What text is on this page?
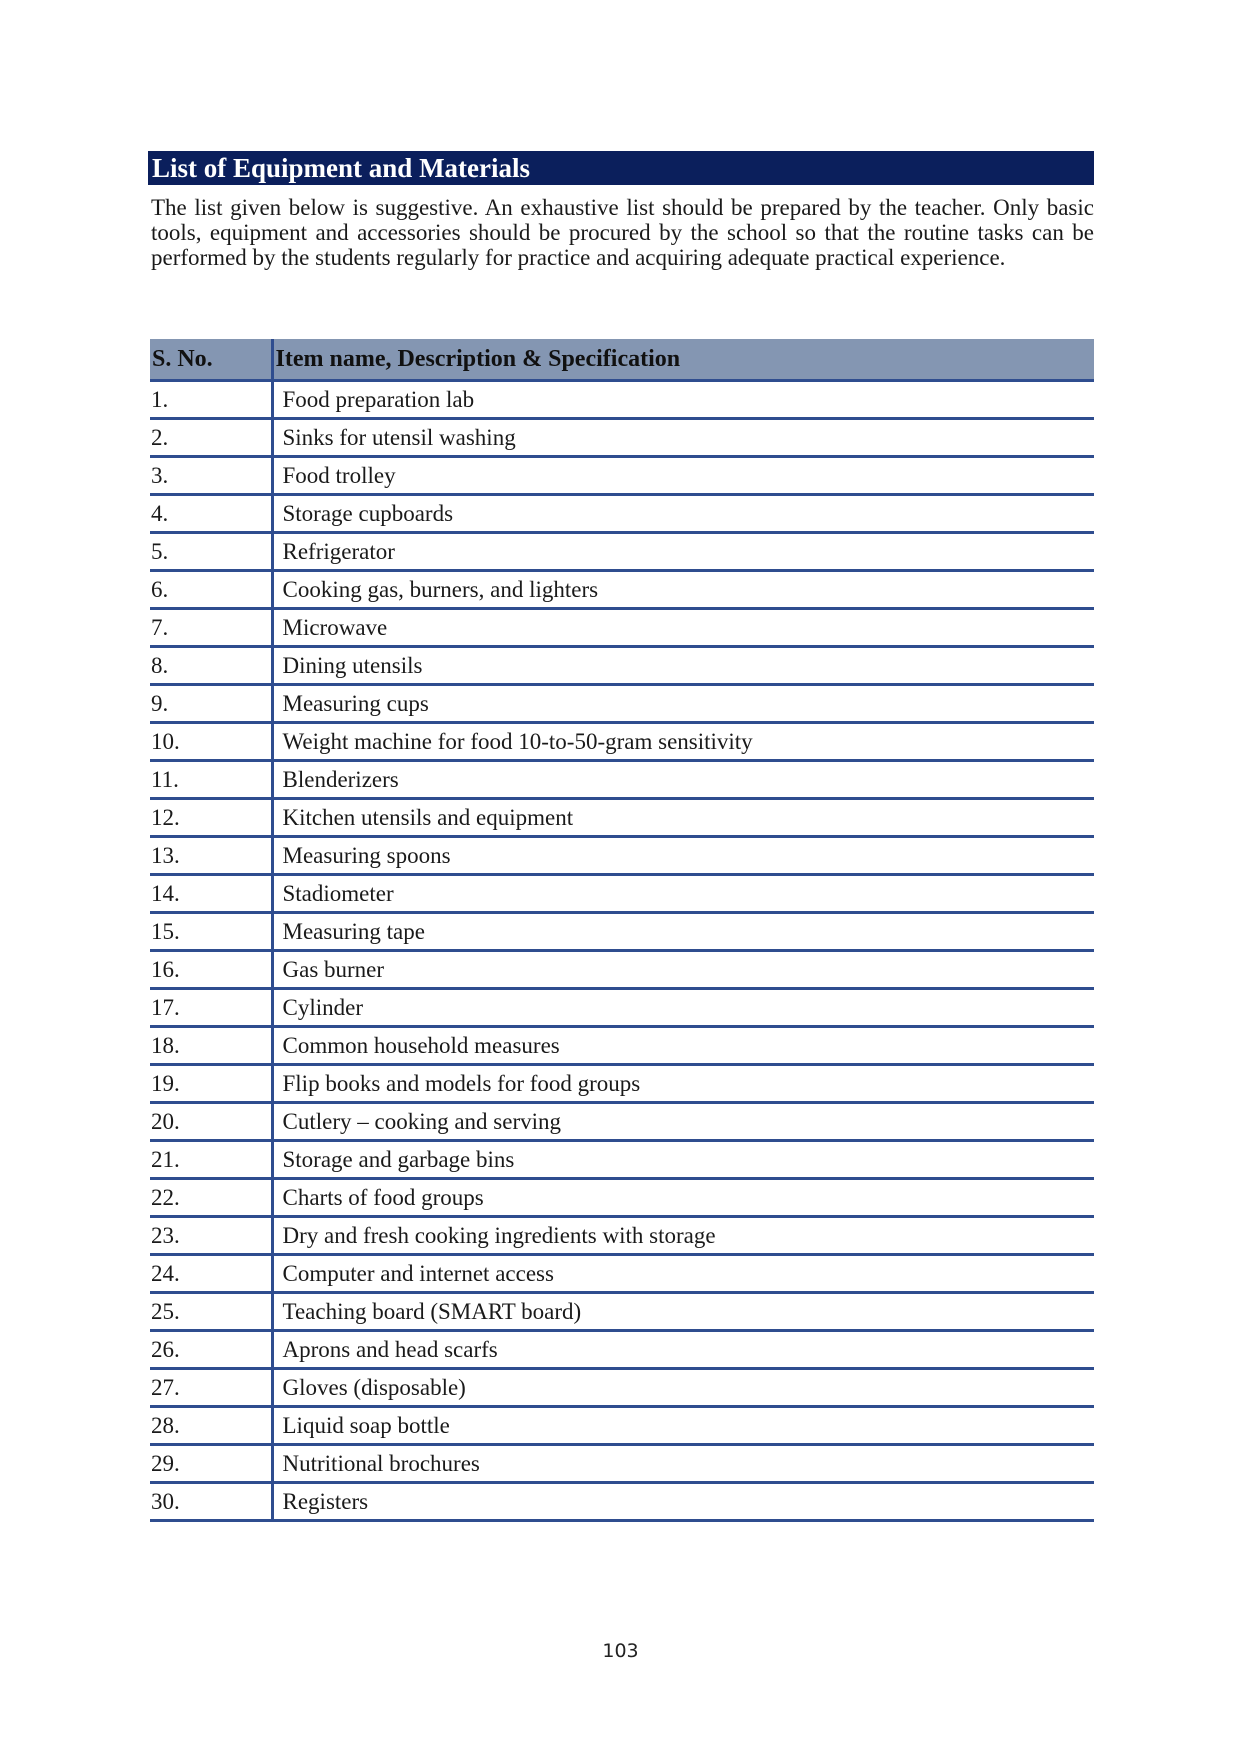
List of Equipment and Materials

The list given below is suggestive. An exhaustive list should be prepared by the teacher. Only basic tools, equipment and accessories should be procured by the school so that the routine tasks can be performed by the students regularly for practice and acquiring adequate practical experience.

S. No.	Item name, Description & Specification
1.	Food preparation lab
2.	Sinks for utensil washing
3.	Food trolley
4.	Storage cupboards
5.	Refrigerator
6.	Cooking gas, burners, and lighters
7.	Microwave
8.	Dining utensils
9.	Measuring cups
10.	Weight machine for food 10-to-50-gram sensitivity
11.	Blenderizers
12.	Kitchen utensils and equipment
13.	Measuring spoons
14.	Stadiometer
15.	Measuring tape
16.	Gas burner
17.	Cylinder
18.	Common household measures
19.	Flip books and models for food groups
20.	Cutlery – cooking and serving
21.	Storage and garbage bins
22.	Charts of food groups
23.	Dry and fresh cooking ingredients with storage
24.	Computer and internet access
25.	Teaching board (SMART board)
26.	Aprons and head scarfs
27.	Gloves (disposable)
28.	Liquid soap bottle
29.	Nutritional brochures
30.	Registers
103
